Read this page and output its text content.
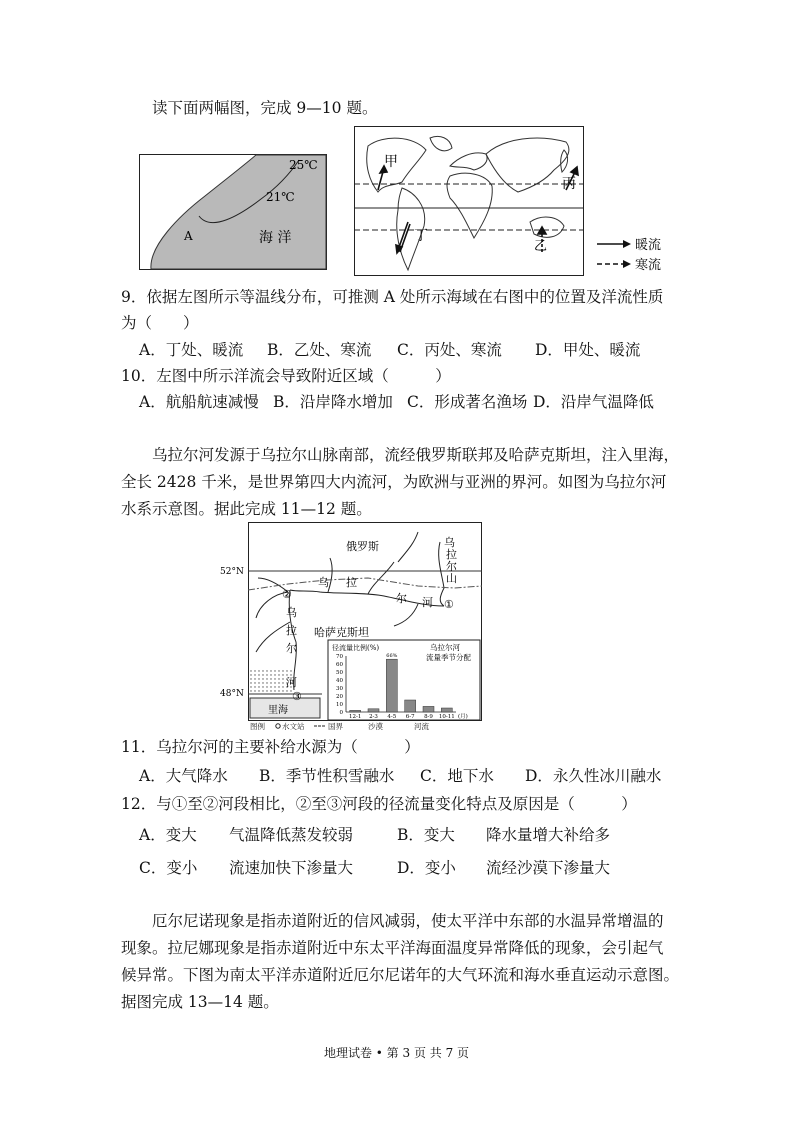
读下面两幅图，完成 9—10 题。
25℃
21℃
A	海 洋
甲
乙
丙
丁
暖流
寒流
9．依据左图所示等温线分布，可推测 A 处所示海域在右图中的位置及洋流性质
为（　　）
A．丁处、暖流 B．乙处、寒流 C．丙处、寒流 D．甲处、暖流
10．左图中所示洋流会导致附近区域（　　　）
A．航船航速减慢 B．沿岸降水增加 C．形成著名渔场 D．沿岸气温降低
乌拉尔河发源于乌拉尔山脉南部，流经俄罗斯联邦及哈萨克斯坦，注入里海，
全长 2428 千米，是世界第四大内流河，为欧洲与亚洲的界河。如图为乌拉尔河
水系示意图。据此完成 11—12 题。
52°N
48°N
里海
俄罗斯
哈萨克斯坦
乌
拉
尔
山
乌 拉
尔 河
乌
拉
尔
河
①
②
③
图例 水文站	国界	沙漠	河流
径流量比例(%)	乌拉尔河
流量季节分配
0
10
20
30
40
50
60
70
12-1 2-3 4-5
66%
6-7 8-9 10-11 (月)
11．乌拉尔河的主要补给水源为（　　　）
A．大气降水 B．季节性积雪融水 C．地下水 D．永久性冰川融水
12．与①至②河段相比，②至③河段的径流量变化特点及原因是（　　　）
A．变大 气温降低蒸发较弱	B．变大 降水量增大补给多
C．变小 流速加快下渗量大	D．变小 流经沙漠下渗量大
厄尔尼诺现象是指赤道附近的信风减弱，使太平洋中东部的水温异常增温的
现象。拉尼娜现象是指赤道附近中东太平洋海面温度异常降低的现象，会引起气
候异常。下图为南太平洋赤道附近厄尔尼诺年的大气环流和海水垂直运动示意图。
据图完成 13—14 题。
地理试卷 • 第 3 页 共 7 页
